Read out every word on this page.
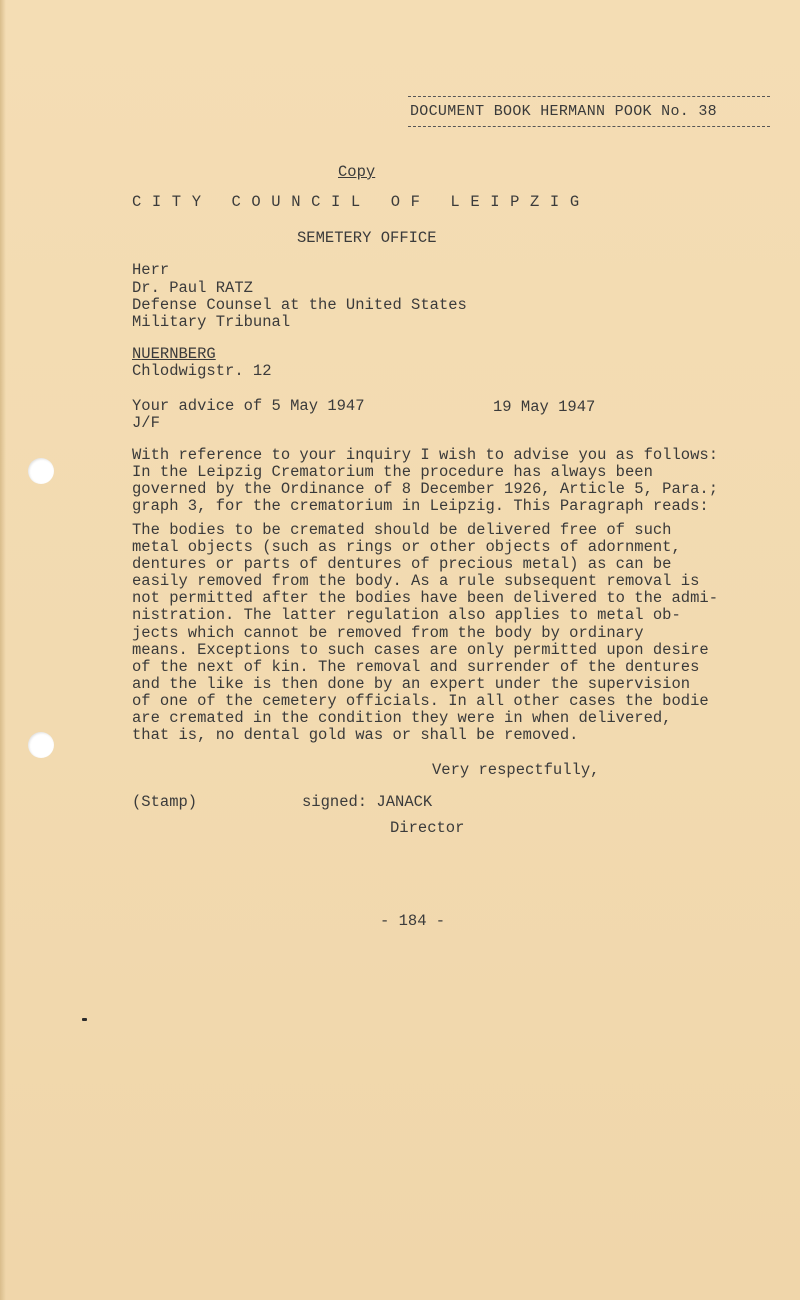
DOCUMENT BOOK HERMANN POOK No. 38
Copy
CITY COUNCIL OF LEIPZIG
SEMETERY OFFICE
Herr
Dr. Paul RATZ
Defense Counsel at the United States
Military Tribunal
NUERNBERG
Chlodwigstr. 12
Your advice of 5 May 1947	19 May 1947
J/F
With reference to your inquiry I wish to advise you as follows:
In the Leipzig Crematorium the procedure has always been
governed by the Ordinance of 8 December 1926, Article 5, Para.;
graph 3, for the crematorium in Leipzig. This Paragraph reads:
The bodies to be cremated should be delivered free of such
metal objects (such as rings or other objects of adornment,
dentures or parts of dentures of precious metal) as can be
easily removed from the body. As a rule subsequent removal is
not permitted after the bodies have been delivered to the admi-
nistration. The latter regulation also applies to metal ob-
jects which cannot be removed from the body by ordinary
means. Exceptions to such cases are only permitted upon desire
of the next of kin. The removal and surrender of the dentures
and the like is then done by an expert under the supervision
of one of the cemetery officials. In all other cases the bodie
are cremated in the condition they were in when delivered,
that is, no dental gold was or shall be removed.
Very respectfully,
(Stamp)	signed: JANACK
Director
- 184 -
